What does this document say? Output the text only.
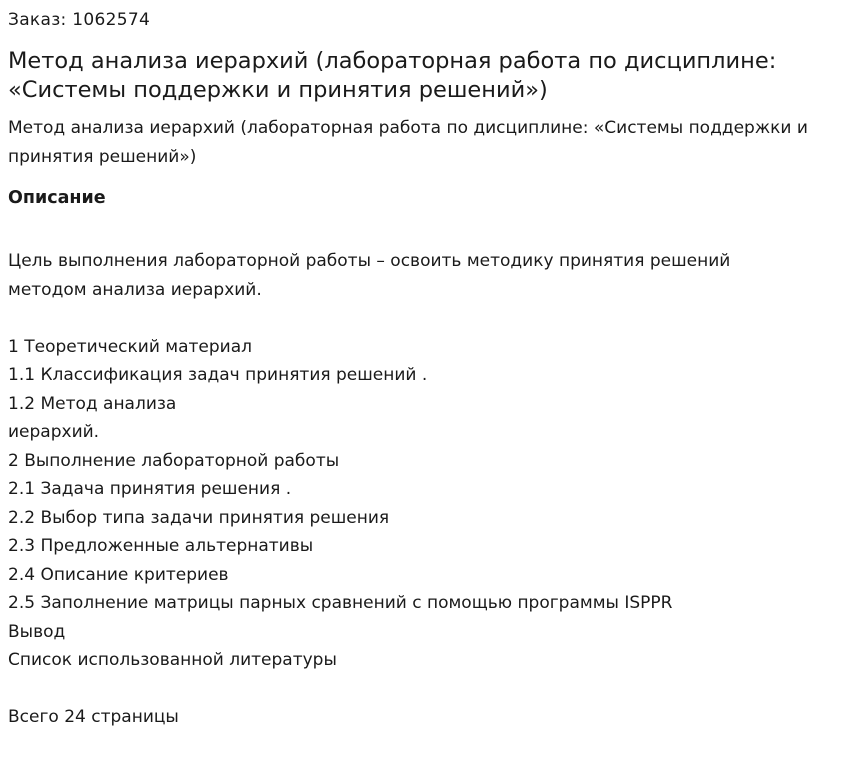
Заказ: 1062574
Метод анализа иерархий (лабораторная работа по дисциплине: «Системы поддержки и принятия решений»)

Метод анализа иерархий (лабораторная работа по дисциплине: «Системы поддержки и принятия решений»)

Описание
Цель выполнения лабораторной работы – освоить методику принятия решений
методом анализа иерархий.
1 Теоретический материал
1.1 Классификация задач принятия решений .
1.2 Метод анализа
иерархий.
2 Выполнение лабораторной работы
2.1 Задача принятия решения .
2.2 Выбор типа задачи принятия решения
2.3 Предложенные альтернативы
2.4 Описание критериев
2.5 Заполнение матрицы парных сравнений с помощью программы ISPPR
Вывод
Список использованной литературы
Всего 24 страницы
